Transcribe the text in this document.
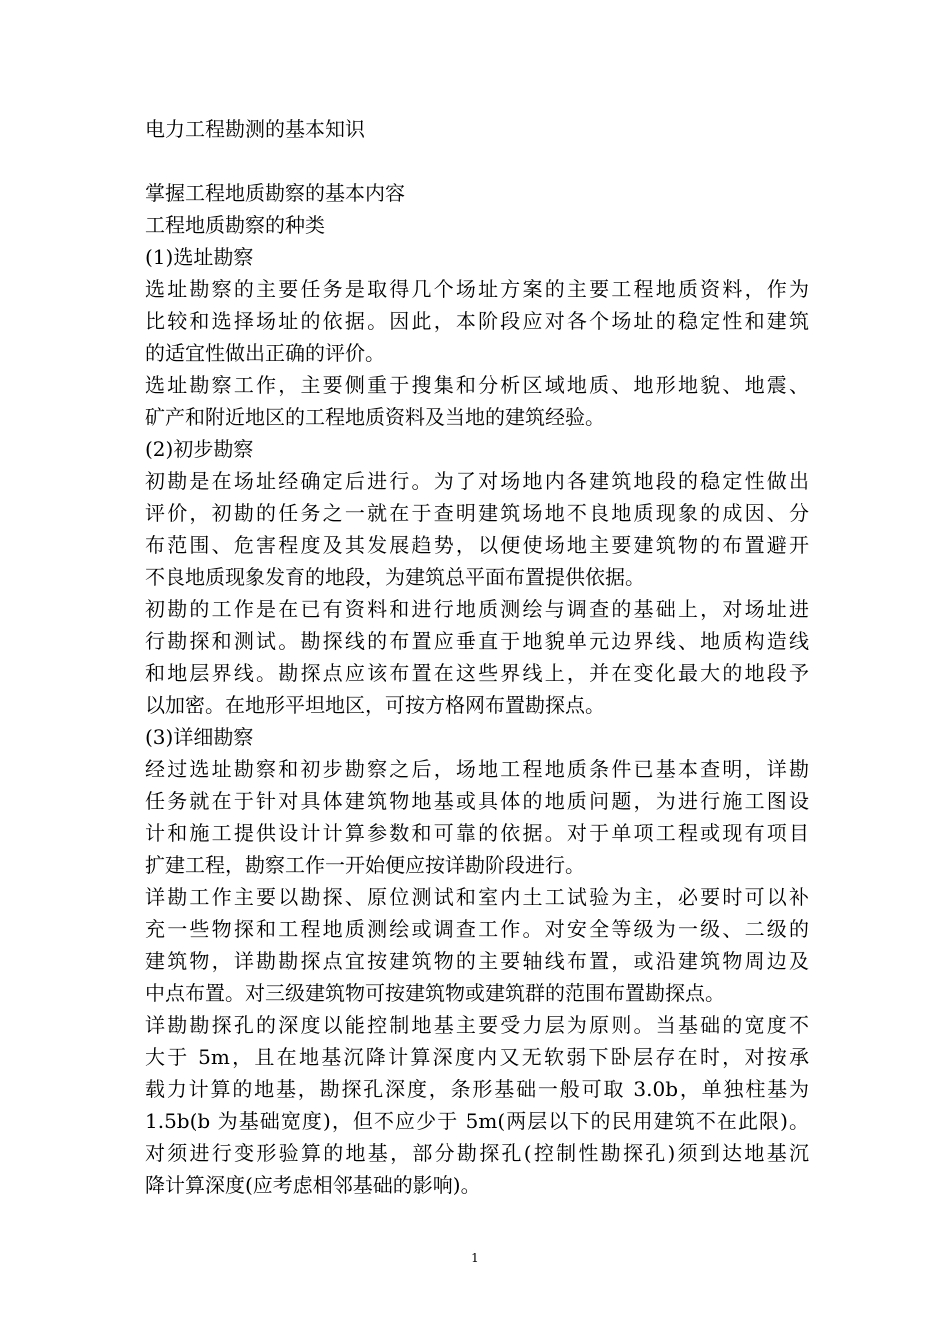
电力工程勘测的基本知识
掌握工程地质勘察的基本内容
工程地质勘察的种类
(1)选址勘察
选址勘察的主要任务是取得几个场址方案的主要工程地质资料，作为
比较和选择场址的依据。因此，本阶段应对各个场址的稳定性和建筑
的适宜性做出正确的评价。
选址勘察工作，主要侧重于搜集和分析区域地质、地形地貌、地震、
矿产和附近地区的工程地质资料及当地的建筑经验。
(2)初步勘察
初勘是在场址经确定后进行。为了对场地内各建筑地段的稳定性做出
评价，初勘的任务之一就在于查明建筑场地不良地质现象的成因、分
布范围、危害程度及其发展趋势，以便使场地主要建筑物的布置避开
不良地质现象发育的地段，为建筑总平面布置提供依据。
初勘的工作是在已有资料和进行地质测绘与调查的基础上，对场址进
行勘探和测试。勘探线的布置应垂直于地貌单元边界线、地质构造线
和地层界线。勘探点应该布置在这些界线上，并在变化最大的地段予
以加密。在地形平坦地区，可按方格网布置勘探点。
(3)详细勘察
经过选址勘察和初步勘察之后，场地工程地质条件已基本查明，详勘
任务就在于针对具体建筑物地基或具体的地质问题，为进行施工图设
计和施工提供设计计算参数和可靠的依据。对于单项工程或现有项目
扩建工程，勘察工作一开始便应按详勘阶段进行。
详勘工作主要以勘探、原位测试和室内土工试验为主，必要时可以补
充一些物探和工程地质测绘或调查工作。对安全等级为一级、二级的
建筑物，详勘勘探点宜按建筑物的主要轴线布置，或沿建筑物周边及
中点布置。对三级建筑物可按建筑物或建筑群的范围布置勘探点。
详勘勘探孔的深度以能控制地基主要受力层为原则。当基础的宽度不
大于 5m，且在地基沉降计算深度内又无软弱下卧层存在时，对按承
载力计算的地基，勘探孔深度，条形基础一般可取 3.0b，单独柱基为
1.5b(b 为基础宽度)，但不应少于 5m(两层以下的民用建筑不在此限)。
对须进行变形验算的地基，部分勘探孔(控制性勘探孔)须到达地基沉
降计算深度(应考虑相邻基础的影响)。
1
